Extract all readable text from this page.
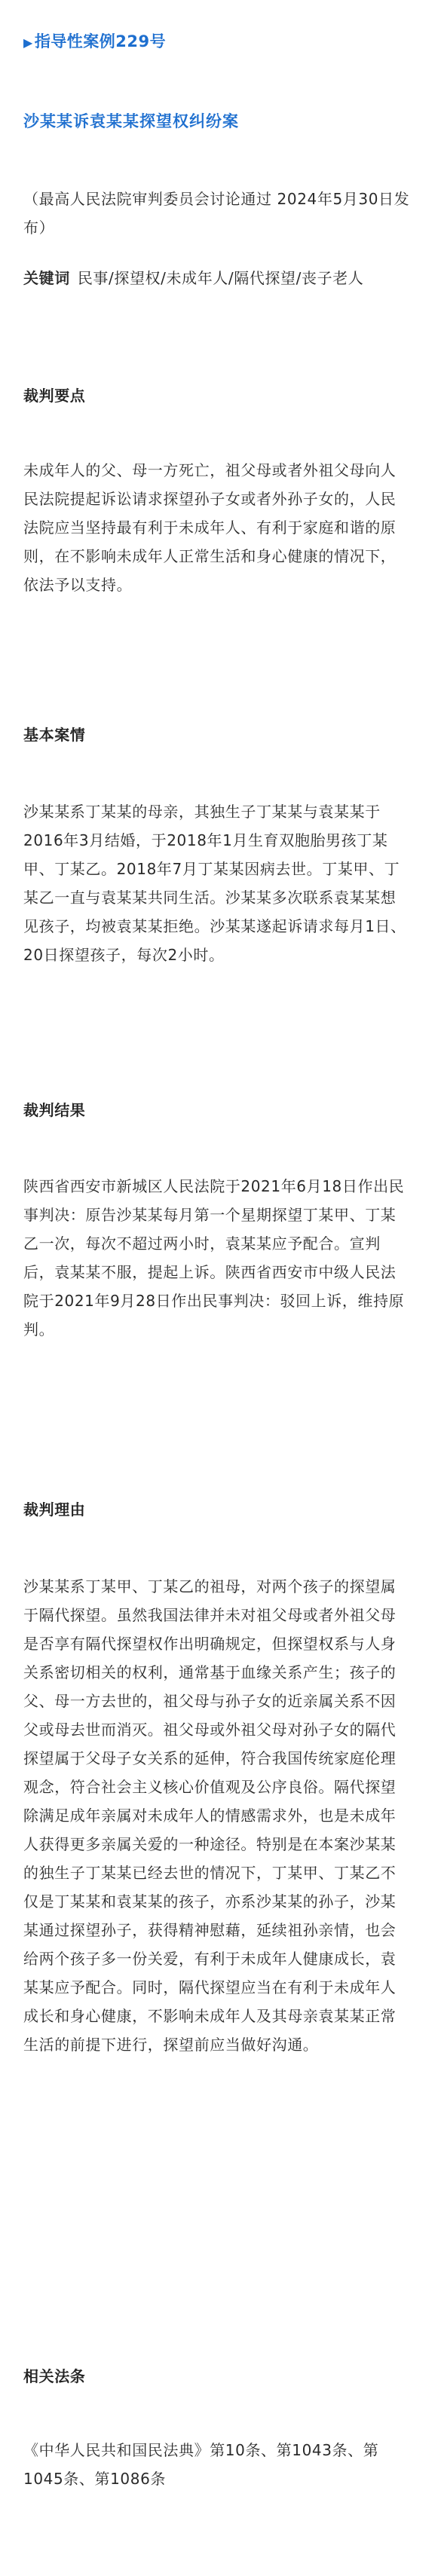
▶指导性案例229号
沙某某诉袁某某探望权纠纷案
（最高人民法院审判委员会讨论通过 2024年5月30日发布）
关键词 民事/探望权/未成年人/隔代探望/丧子老人
裁判要点
未成年人的父、母一方死亡，祖父母或者外祖父母向人民法院提起诉讼请求探望孙子女或者外孙子女的，人民法院应当坚持最有利于未成年人、有利于家庭和谐的原则，在不影响未成年人正常生活和身心健康的情况下，依法予以支持。
基本案情
沙某某系丁某某的母亲，其独生子丁某某与袁某某于2016年3月结婚，于2018年1月生育双胞胎男孩丁某甲、丁某乙。2018年7月丁某某因病去世。丁某甲、丁某乙一直与袁某某共同生活。沙某某多次联系袁某某想见孩子，均被袁某某拒绝。沙某某遂起诉请求每月1日、20日探望孩子，每次2小时。
裁判结果
陕西省西安市新城区人民法院于2021年6月18日作出民事判决：原告沙某某每月第一个星期探望丁某甲、丁某乙一次，每次不超过两小时，袁某某应予配合。宣判后，袁某某不服，提起上诉。陕西省西安市中级人民法院于2021年9月28日作出民事判决：驳回上诉，维持原判。
裁判理由
沙某某系丁某甲、丁某乙的祖母，对两个孩子的探望属于隔代探望。虽然我国法律并未对祖父母或者外祖父母是否享有隔代探望权作出明确规定，但探望权系与人身关系密切相关的权利，通常基于血缘关系产生；孩子的父、母一方去世的，祖父母与孙子女的近亲属关系不因父或母去世而消灭。祖父母或外祖父母对孙子女的隔代探望属于父母子女关系的延伸，符合我国传统家庭伦理观念，符合社会主义核心价值观及公序良俗。隔代探望除满足成年亲属对未成年人的情感需求外，也是未成年人获得更多亲属关爱的一种途径。特别是在本案沙某某的独生子丁某某已经去世的情况下，丁某甲、丁某乙不仅是丁某某和袁某某的孩子，亦系沙某某的孙子，沙某某通过探望孙子，获得精神慰藉，延续祖孙亲情，也会给两个孩子多一份关爱，有利于未成年人健康成长，袁某某应予配合。同时，隔代探望应当在有利于未成年人成长和身心健康，不影响未成年人及其母亲袁某某正常生活的前提下进行，探望前应当做好沟通。
相关法条
《中华人民共和国民法典》第10条、第1043条、第1045条、第1086条
